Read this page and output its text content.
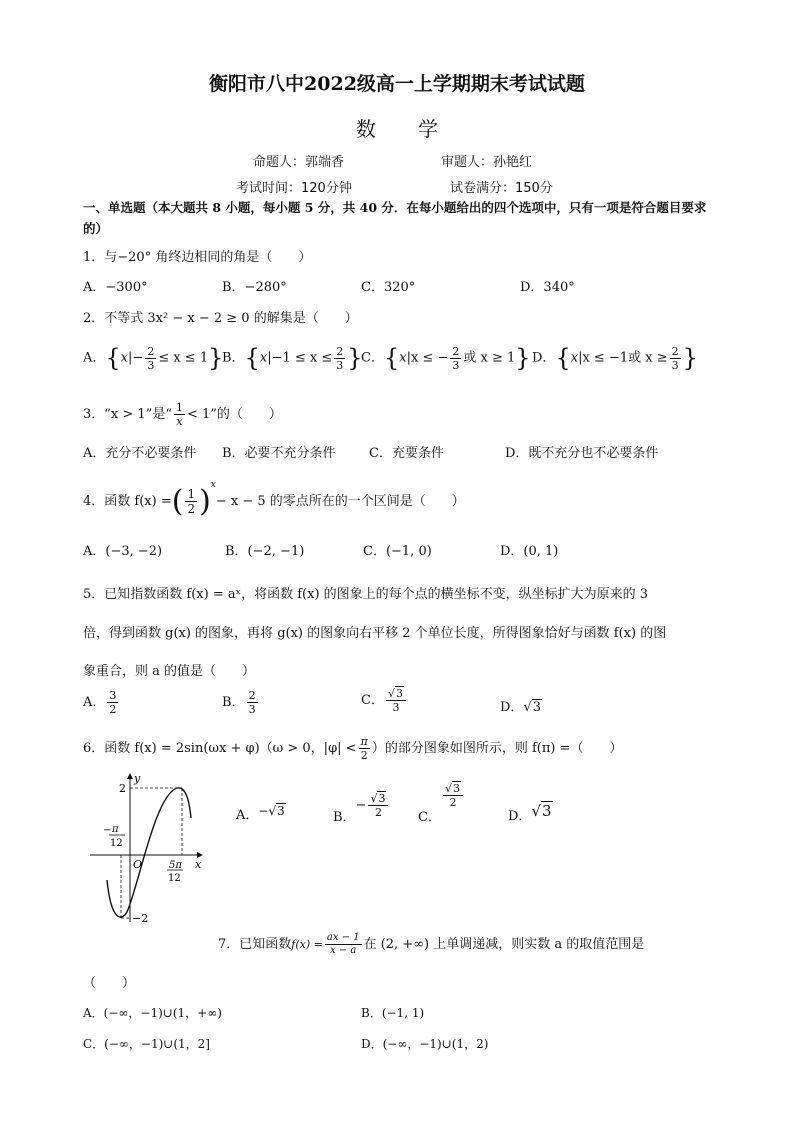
衡阳市八中2022级高一上学期期末考试试题
数 学
命题人：郭端香	审题人：孙艳红
考试时间：120分钟	试卷满分：150分
一、单选题（本大题共 8 小题，每小题 5 分，共 40 分．在每小题给出的四个选项中，只有一项是符合题目要求的）
1．与−20° 角终边相同的角是（　　）
A．−300°	B．−280°	C．320°	D．340°
2．不等式 3x² − x − 2 ≥ 0 的解集是（　　）
A．$\{x|- \frac{2}{3} \le x \le 1\}$
B．{$x|-1 \le x \le \frac{2}{3}$ }
C．{x|x ≤ − $\frac{2}{3}$ 或 x ≥ 1} D．{x|x ≤ −1或 $x \ge \frac{2}{3}$ }
3．“x > 1”是“ $\frac{1}{x} < 1$”的（　　）
A．充分不必要条件 B．必要不充分条件	C．充要条件	D．既不充分也不必要条件
4．函数 f(x) =( $\frac{1}{2} )^x- x - 5$ 的零点所在的一个区间是（　　）
A．(−3, −2)	B．(−2, −1)	C．(−1, 0)	D．(0, 1)
5．已知指数函数 f(x) = aˣ，将函数 f(x) 的图象上的每个点的横坐标不变，纵坐标扩大为原来的 3
倍，得到函数 g(x) 的图象，再将 g(x) 的图象向右平移 2 个单位长度，所得图象恰好与函数 f(x) 的图
象重合，则 a 的值是（　　）
A． $\frac{3}{2}$	B． $\frac{2}{3}$	C． $\frac{√3}{3}$	D．√3
6．函数 f(x) = 2sin(ωx + φ)（ω > 0，$|\varphi| < \frac{\pi}{2}$ ）的部分图象如图所示，则 f(π) =（　　）
y
x
O
2
−2
− π
12
5π
12
A．−√3	B．− $\frac{√3}{2}$ C．
$\frac{√3}{2}$
D．√3
7．已知函数$f(x) = \frac{ax - 1}{x - a}$ 在 (2, +∞) 上单调递减，则实数 a 的取值范围是
（　　）
A．(−∞，−1)∪(1，+∞)	B．(−1, 1)
C．(−∞，−1)∪(1，2]	D．(−∞，−1)∪(1，2)
